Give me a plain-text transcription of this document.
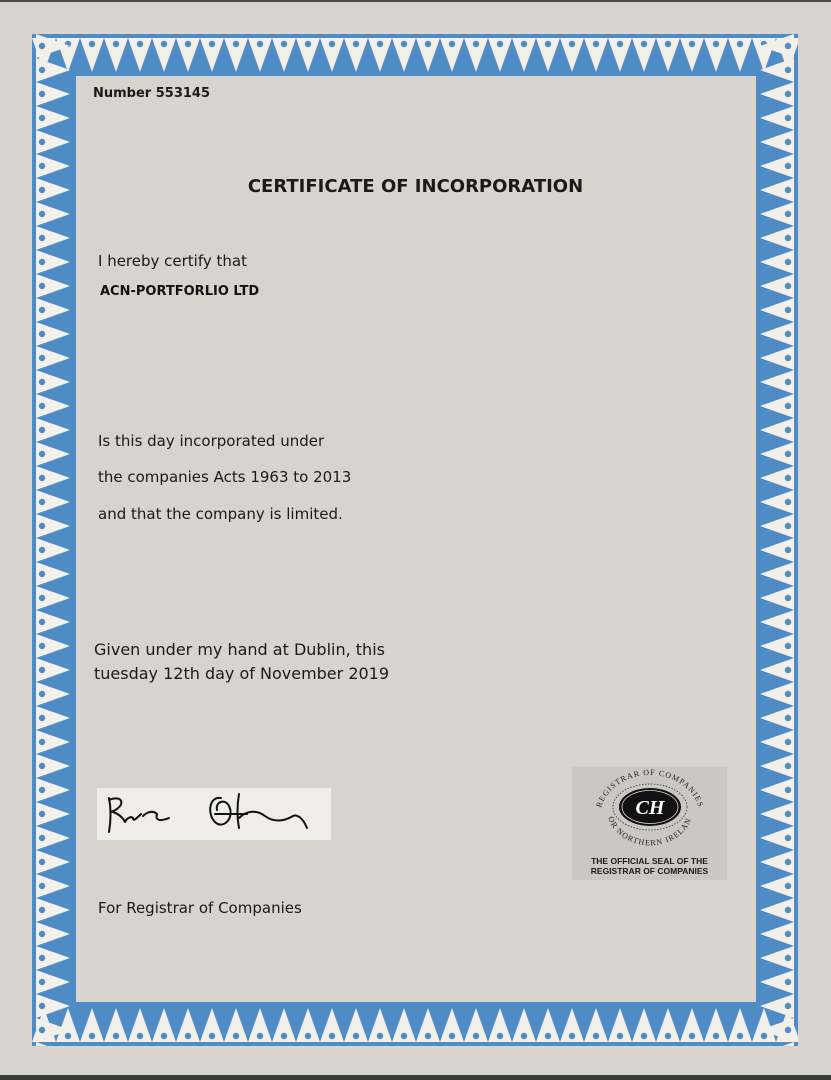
Number 553145
CERTIFICATE OF INCORPORATION
I hereby certify that
ACN-PORTFORLIO LTD
Is this day incorporated under
the companies Acts 1963 to 2013
and that the company is limited.
Given under my hand at Dublin, this
tuesday 12th day of November 2019
For Registrar of Companies
REGISTRAR OF COMPANIES
OR NORTHERN IRELAN
CH
THE OFFICIAL SEAL OF THE
REGISTRAR OF COMPANIES
